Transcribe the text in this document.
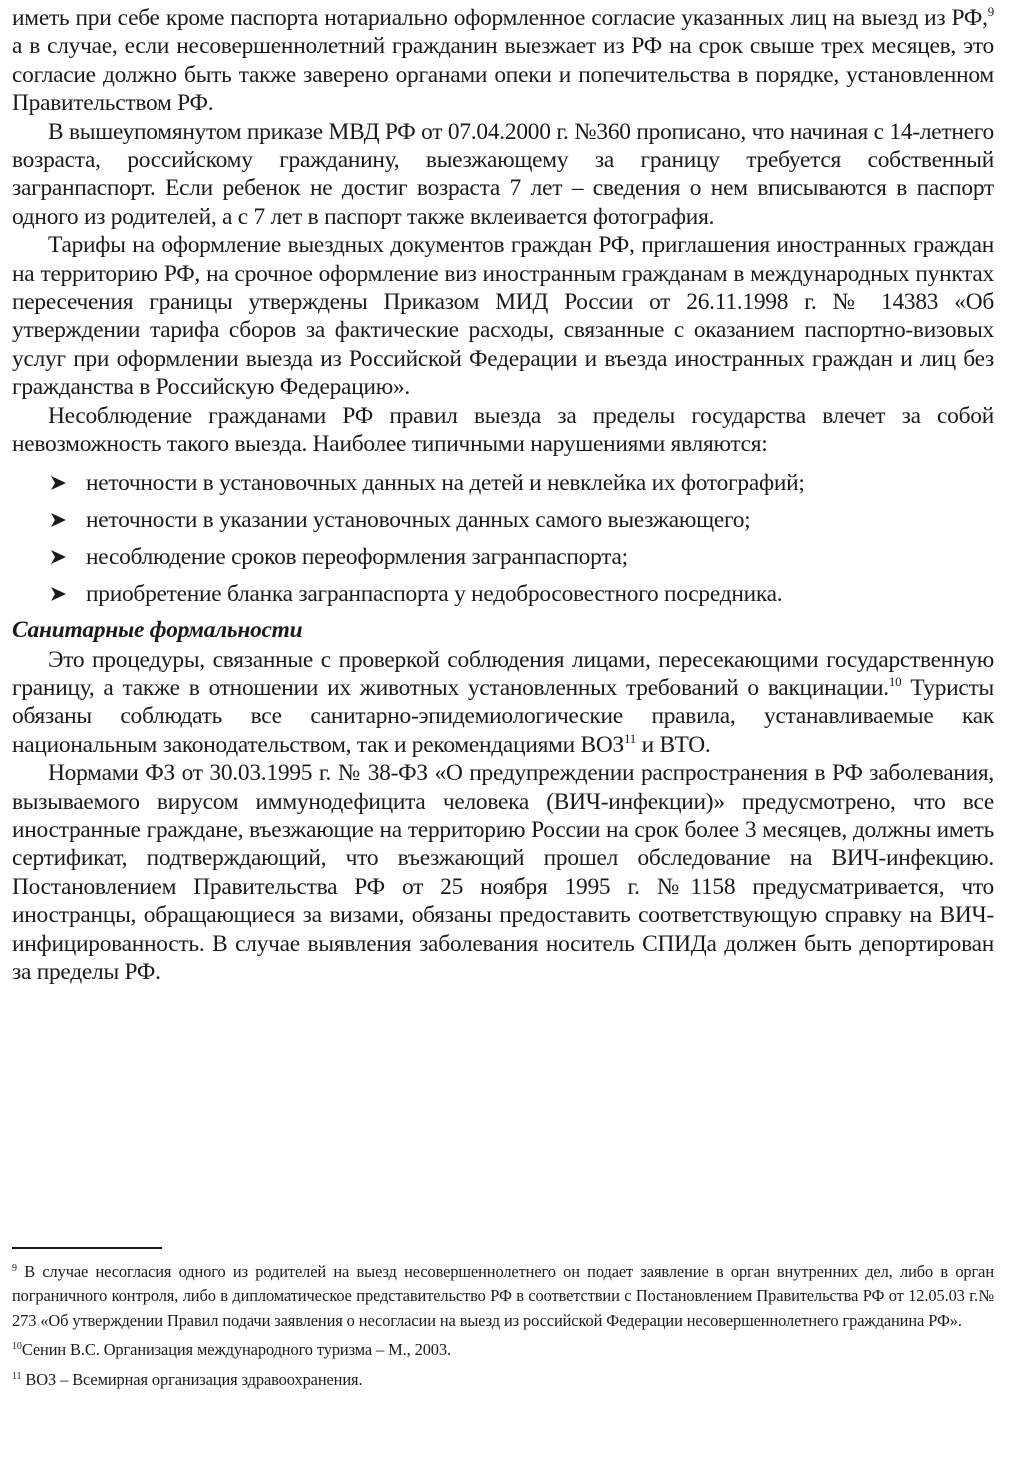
иметь при себе кроме паспорта нотариально оформленное согласие указанных лиц на выезд из РФ,$^9$ а в случае, если несовершеннолетний гражданин выезжает из РФ на срок свыше трех месяцев, это согласие должно быть также заверено органами опеки и попечительства в порядке, установленном Правительством РФ.

В вышеупомянутом приказе МВД РФ от 07.04.2000 г. №360 прописано, что начиная с 14-летнего возраста, российскому гражданину, выезжающему за границу требуется собственный загранпаспорт. Если ребенок не достиг возраста 7 лет – сведения о нем вписываются в паспорт одного из родителей, а с 7 лет в паспорт также вклеивается фотография.

Тарифы на оформление выездных документов граждан РФ, приглашения иностранных граждан на территорию РФ, на срочное оформление виз иностранным гражданам в международных пунктах пересечения границы утверждены Приказом МИД России от 26.11.1998 г. № 14383 «Об утверждении тарифа сборов за фактические расходы, связанные с оказанием паспортно-визовых услуг при оформлении выезда из Российской Федерации и въезда иностранных граждан и лиц без гражданства в Российскую Федерацию».

Несоблюдение гражданами РФ правил выезда за пределы государства влечет за собой невозможность такого выезда. Наиболее типичными нарушениями являются:

неточности в установочных данных на детей и невклейка их фотографий;
неточности в указании установочных данных самого выезжающего;
несоблюдение сроков переоформления загранпаспорта;
приобретение бланка загранпаспорта у недобросовестного посредника.

Санитарные формальности

Это процедуры, связанные с проверкой соблюдения лицами, пересекающими государственную границу, а также в отношении их животных установленных требований о вакцинации.$^{10}$ Туристы обязаны соблюдать все санитарно-эпидемиологические правила, устанавливаемые как национальным законодательством, так и рекомендациями ВОЗ$^{11}$ и ВТО.

Нормами ФЗ от 30.03.1995 г. № 38-ФЗ «О предупреждении распространения в РФ заболевания, вызываемого вирусом иммунодефицита человека (ВИЧ-инфекции)» предусмотрено, что все иностранные граждане, въезжающие на территорию России на срок более 3 месяцев, должны иметь сертификат, подтверждающий, что въезжающий прошел обследование на ВИЧ-инфекцию. Постановлением Правительства РФ от 25 ноября 1995 г. №1158 предусматривается, что иностранцы, обращающиеся за визами, обязаны предоставить соответствующую справку на ВИЧ-инфицированность. В случае выявления заболевания носитель СПИДа должен быть депортирован за пределы РФ.

$^9$ В случае несогласия одного из родителей на выезд несовершеннолетнего он подает заявление в орган внутренних дел, либо в орган пограничного контроля, либо в дипломатическое представительство РФ в соответствии с Постановлением Правительства РФ от 12.05.03 г.№ 273 «Об утверждении Правил подачи заявления о несогласии на выезд из российской Федерации несовершеннолетнего гражданина РФ».

$^{10}$Сенин В.С. Организация международного туризма – М., 2003.

$^{11}$ ВОЗ – Всемирная организация здравоохранения.
